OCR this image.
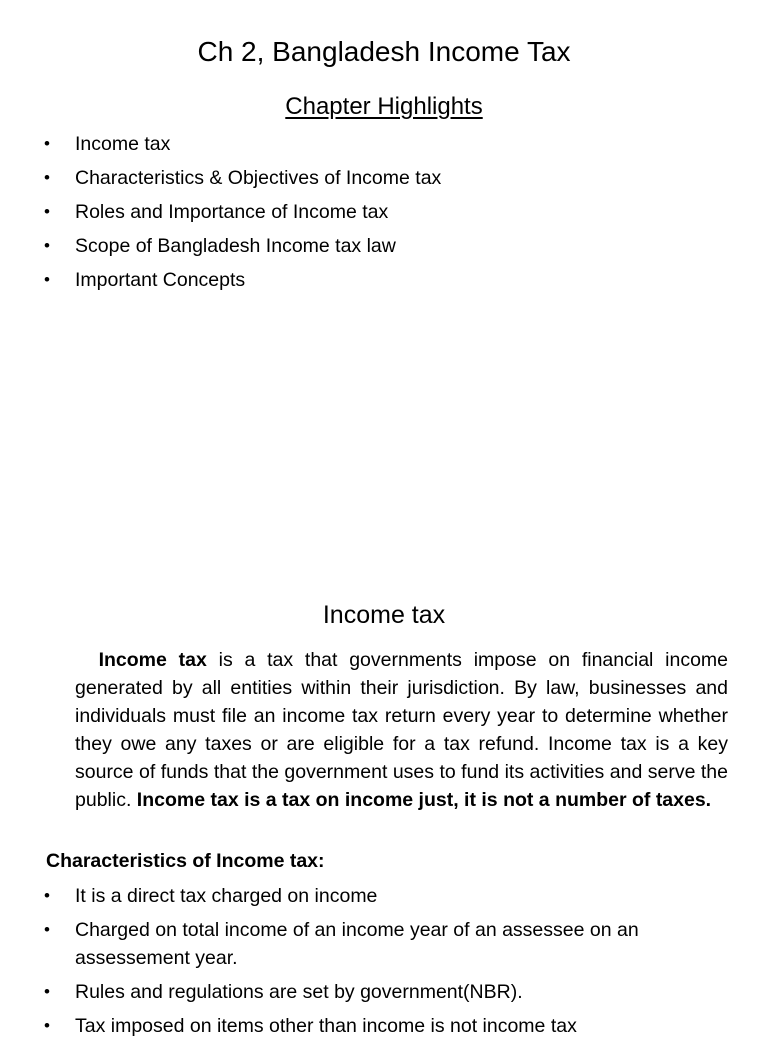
Ch 2, Bangladesh Income Tax
Chapter Highlights
• Income tax
• Characteristics & Objectives of Income tax
• Roles and Importance of Income tax
• Scope of Bangladesh Income tax law
• Important Concepts
Income tax

Income tax is a tax that governments impose on financial income generated by all entities within their jurisdiction. By law, businesses and individuals must file an income tax return every year to determine whether they owe any taxes or are eligible for a tax refund. Income tax is a key source of funds that the government uses to fund its activities and serve the public. Income tax is a tax on income just, it is not a number of taxes.

Characteristics of Income tax:
• It is a direct tax charged on income
• Charged on total income of an income year of an assessee on an assessement year.
• Rules and regulations are set by government(NBR).
• Tax imposed on items other than income is not income tax
